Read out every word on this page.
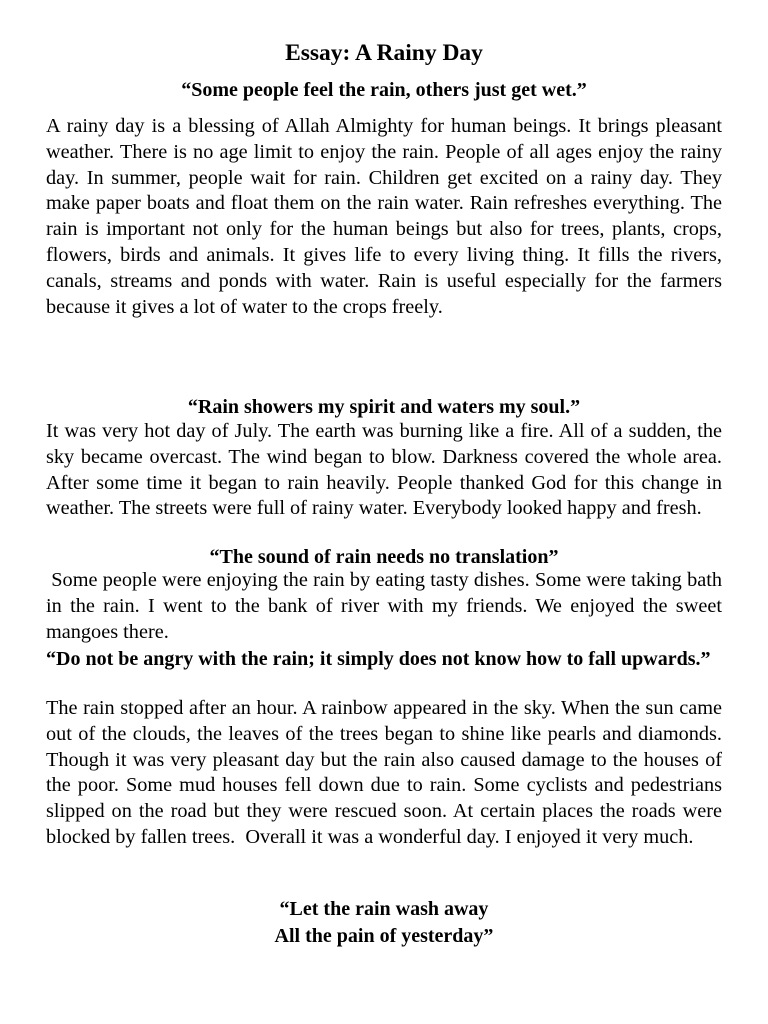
Essay: A Rainy Day

“Some people feel the rain, others just get wet.”

A rainy day is a blessing of Allah Almighty for human beings. It brings pleasant weather. There is no age limit to enjoy the rain. People of all ages enjoy the rainy day. In summer, people wait for rain. Children get excited on a rainy day. They make paper boats and float them on the rain water. Rain refreshes everything. The rain is important not only for the human beings but also for trees, plants, crops, flowers, birds and animals. It gives life to every living thing. It fills the rivers, canals, streams and ponds with water. Rain is useful especially for the farmers because it gives a lot of water to the crops freely.

“Rain showers my spirit and waters my soul.”

It was very hot day of July. The earth was burning like a fire. All of a sudden, the sky became overcast. The wind began to blow. Darkness covered the whole area. After some time it began to rain heavily. People thanked God for this change in weather. The streets were full of rainy water. Everybody looked happy and fresh.

“The sound of rain needs no translation”

Some people were enjoying the rain by eating tasty dishes. Some were taking bath in the rain. I went to the bank of river with my friends. We enjoyed the sweet mangoes there.

“Do not be angry with the rain; it simply does not know how to fall upwards.”

The rain stopped after an hour. A rainbow appeared in the sky. When the sun came out of the clouds, the leaves of the trees began to shine like pearls and diamonds. Though it was very pleasant day but the rain also caused damage to the houses of the poor. Some mud houses fell down due to rain. Some cyclists and pedestrians slipped on the road but they were rescued soon. At certain places the roads were blocked by fallen trees.  Overall it was a wonderful day. I enjoyed it very much.

“Let the rain wash away

All the pain of yesterday”
